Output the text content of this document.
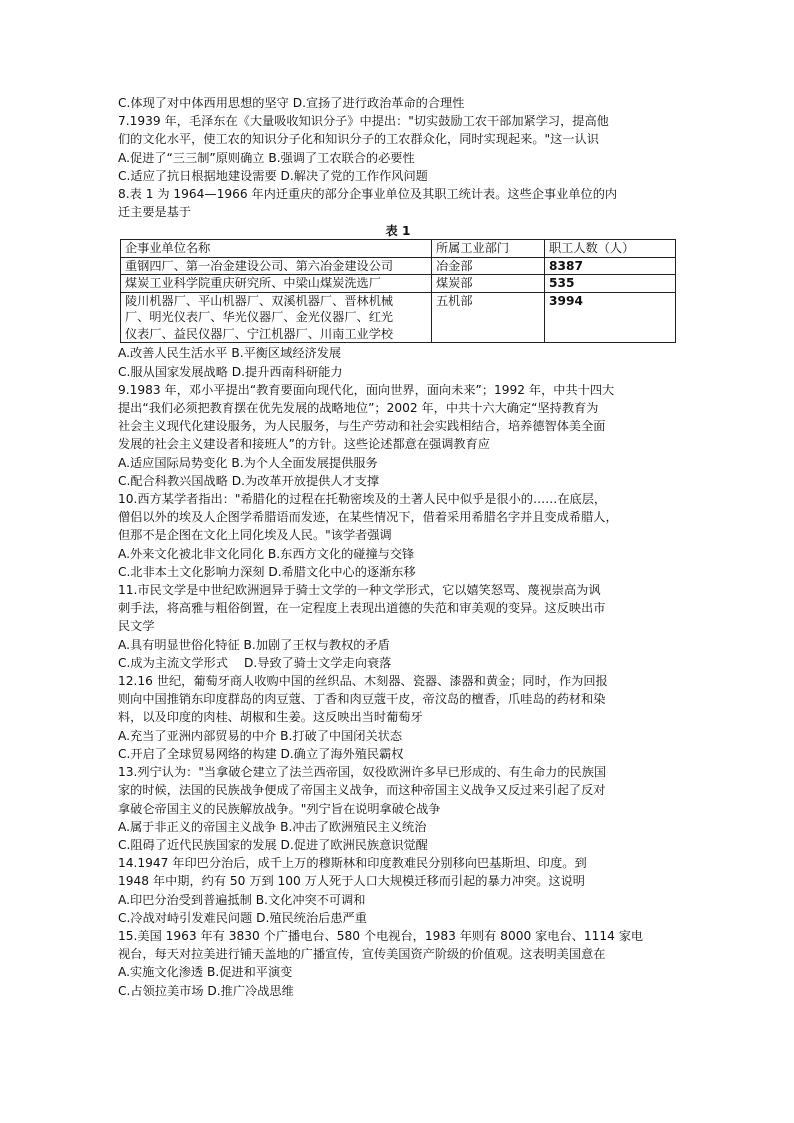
C.体现了对中体西用思想的坚守 D.宣扬了进行政治革命的合理性
7.1939 年，毛泽东在《大量吸收知识分子》中提出："切实鼓励工农干部加紧学习，提高他
们的文化水平，使工农的知识分子化和知识分子的工农群众化，同时实现起来。"这一认识
A.促进了“三三制”原则确立 B.强调了工农联合的必要性
C.适应了抗日根据地建设需要 D.解决了党的工作作风问题
8.表 1 为 1964—1966 年内迁重庆的部分企事业单位及其职工统计表。这些企事业单位的内
迁主要是基于
表 1
企事业单位名称	所属工业部门	职工人数（人）
重钢四厂、第一冶金建设公司、第六冶金建设公司	冶金部	8387
煤炭工业科学院重庆研究所、中梁山煤炭洗选厂	煤炭部	535

陵川机器厂、平山机器厂、双溪机器厂、晋林机械
厂、明光仪表厂、华光仪器厂、金光仪器厂、红光
仪表厂、益民仪器厂、宁江机器厂、川南工业学校	五机部	3994
A.改善人民生活水平 B.平衡区域经济发展
C.服从国家发展战略 D.提升西南科研能力
9.1983 年，邓小平提出“教育要面向现代化，面向世界，面向未来”；1992 年，中共十四大
提出“我们必须把教育摆在优先发展的战略地位”；2002 年，中共十六大确定“坚持教育为
社会主义现代化建设服务，为人民服务，与生产劳动和社会实践相结合，培养德智体美全面
发展的社会主义建设者和接班人”的方针。这些论述都意在强调教育应
A.适应国际局势变化 B.为个人全面发展提供服务
C.配合科教兴国战略 D.为改革开放提供人才支撑
10.西方某学者指出："希腊化的过程在托勒密埃及的土著人民中似乎是很小的……在底层，
僧侣以外的埃及人企图学希腊语而发迹，在某些情况下，借着采用希腊名字并且变成希腊人，
但那不是企图在文化上同化埃及人民。"该学者强调
A.外来文化被北非文化同化 B.东西方文化的碰撞与交锋
C.北非本土文化影响力深刻 D.希腊文化中心的逐渐东移
11.市民文学是中世纪欧洲迥异于骑士文学的一种文学形式，它以嬉笑怒骂、蔑视崇高为讽
刺手法，将高雅与粗俗倒置，在一定程度上表现出道德的失范和审美观的变异。这反映出市
民文学
A.具有明显世俗化特征 B.加剧了王权与教权的矛盾
C.成为主流文学形式　 D.导致了骑士文学走向衰落
12.16 世纪，葡萄牙商人收购中国的丝织品、木刻器、瓷器、漆器和黄金；同时，作为回报
则向中国推销东印度群岛的肉豆蔻、丁香和肉豆蔻干皮，帝汶岛的檀香，爪哇岛的药材和染
料，以及印度的肉桂、胡椒和生姜。这反映出当时葡萄牙
A.充当了亚洲内部贸易的中介 B.打破了中国闭关状态
C.开启了全球贸易网络的构建 D.确立了海外殖民霸权
13.列宁认为："当拿破仑建立了法兰西帝国，奴役欧洲许多早已形成的、有生命力的民族国
家的时候，法国的民族战争便成了帝国主义战争，而这种帝国主义战争又反过来引起了反对
拿破仑帝国主义的民族解放战争。"列宁旨在说明拿破仑战争
A.属于非正义的帝国主义战争 B.冲击了欧洲殖民主义统治
C.阻碍了近代民族国家的发展 D.促进了欧洲民族意识觉醒
14.1947 年印巴分治后，成千上万的穆斯林和印度教难民分别移向巴基斯坦、印度。到
1948 年中期，约有 50 万到 100 万人死于人口大规模迁移而引起的暴力冲突。这说明
A.印巴分治受到普遍抵制 B.文化冲突不可调和
C.冷战对峙引发难民问题 D.殖民统治后患严重
15.美国 1963 年有 3830 个广播电台、580 个电视台，1983 年则有 8000 家电台、1114 家电
视台，每天对拉美进行铺天盖地的广播宣传，宣传美国资产阶级的价值观。这表明美国意在
A.实施文化渗透 B.促进和平演变
C.占领拉美市场 D.推广冷战思维
